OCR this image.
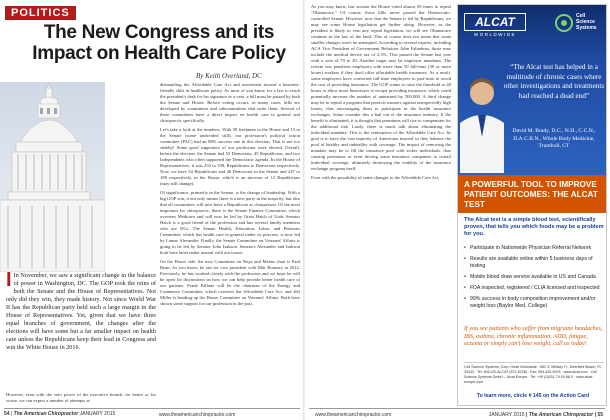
POLITICS
The New Congress and its Impact on Health Care Policy
By Keith Overland, DC

However, even with the veto power of the executive branch, for better or for worse, we can expect a number of attempts at

I In November, we saw a significant change in the balance of power in Washington, DC. The GOP took the reins of both the Senate and the House of Representatives. Not only did they win, they made history. Not since World War II has the Republican party held such a large margin in the House of Representatives. Yet, given that we have three equal branches of government, the changes after the elections will have some but a far smaller impact on health care unless the Republicans keep their lead in Congress and win the White House in 2016.

dismantling the Affordable Care Act and movement toward a business-friendly shift in healthcare policy. As most of you know, for a law to reach the president's desk for his signature or a veto, a bill must be passed by both the Senate and House. Before voting occurs, in many cases, bills are developed by committees and subcommittees that write them. Several of these committees have a direct impact on health care in general and chiropractic specifically.

Let's take a look at the numbers. With 58 freshman in the House and 13 in the Senate (some undecided still), our profession's political action committee (PAC) had an 88% success rate in this election. That is not too shabby! Some good supporters of our profession were elected. Overall, before the election, the Senate had 53 Democrats, 45 Republicans, and two Independents who often supported the Democratic agenda. In the House of Representatives, it was 233 to 199, Republicans to Democrats respectively. Now, we have 54 Republicans and 46 Democrats in the Senate and 247 to 188 respectively, in the House, which is an increase of 12 Republicans (may still change).

Of significance, primarily in the Senate, is the change of leadership. With a big GOP win, it not only means there is a new party in the majority, but also that all committees will now have a Republican as chairperson. Of the most important for chiropractic, there is the Senate Finance Committee, which oversees Medicare and will now be led by Orrin Hatch of Utah. Senator Hatch is a good friend of the profession and has several family members who are DCs. The Senate Health, Education, Labor, and Pensions Committee, which has health care in general under its purview, is now led by Lamar Alexander. Finally, the Senate Committee on Veterans' Affairs is going to be led by Senator John Isakson. Senators Alexander and Isakson both have been rather neutral with our issues.

On the House side, the new Committee on Ways and Means chair is Paul Ryan. As you know, he ran for vice president with Mitt Romney in 2012. Previously, he has worked closely with the profession and we hope he will be open for discussions on how we can help provide better health care to our patients. Frank Pallone will be the chairman of the Energy and Commerce Committee, which oversees the Affordable Care Act, and Jeff Miller is heading up the House Committee on Veterans' Affairs. Both have shown some support for our profession in the past.

54 | The American Chiropractor JANUARY 2015	www.theamericanchiropractor.com

As you may know, last session the House voted almost 50 times to repeal "Obamacare." Of course, those bills never passed the Democratic-controlled Senate. However, now that the Senate is led by Republicans, we may see some House legislation get further along. However, as the president is likely to veto any repeal legislation, we will see Obamacare continue as the law of the land. This of course does not mean that some smaller changes won't be attempted. According to several experts, including ACA Vice President of Government Relations John Falardeau, those may include the medical device tax of 2.3%. This passed the Senate last year with a vote of 79 to 20. Another target may be employer mandates. The reform law penalizes employers with more than 50 full-time (30 or more hours) workers if they don't offer affordable health insurance. As a result, some employers have converted full-time employees to part-time to avoid the cost of providing insurance. The GOP wants to raise the threshold to 40 hours to allow more businesses to escape providing insurance, which could potentially increase the number of uninsured by 500,000. A third change may be to repeal a program that protects insurers against unexpectedly high losses, thus encouraging them to participate in the health insurance exchanges. Some consider this a bail out of the insurance industry. If the benefit is eliminated, it is thought that premiums will rise to compensate for the additional risk. Lastly, there is much talk about eliminating the individual mandate. This is the centerpiece of the Affordable Care Act. Its goal is to have the vast majority of Americans insured so they balance the pool of healthy and unhealthy with coverage. The impact of removing the mandate may be to fill the insurance pool with sicker individuals, thus causing premiums or even driving some insurance companies to curtail individual coverage, ultimately destroying the viability of the insurance exchange program itself.

Even with the possibility of some changes to the Affordable Care Act,

ALCAT
WORLDWIDE
Cell Science Systems
“The Alcat test has helped in a multitude of chronic cases where other investigations and treatments had reached a dead end”
David M. Brady, D.C., N.D., C.C.N., D.A.C.B.N., Whole Body Medicine, Trumbull, CT
A POWERFUL TOOL TO IMPROVE PATIENT OUTCOMES: THE ALCAT TEST
The Alcat test is a simple blood test, scientifically proven, that tells you which foods may be a problem for you.
• Participate in Nationwide Physician Referral Network
• Results are available online within 5 business days of testing
• Mobile blood draw service available in US and Canada
• FDA inspected, registered / CLIA licensed and inspected
• 99% success in body composition improvement and/or weight loss (Baylor Med. College)
If you see patients who suffer from migraine headaches, IBS, asthma, chronic inflammation, ADD, fatigue, eczema or simply can't lose weight, call us today!
Cell Science Systems, Corp. Head Worldwide · 852 S. Military Tr., Deerfield Beach, FL 33442 · Tel: 800-US-ALCAT (872-5228) · Fax: 954-426-6976 · www.alcat.com · Cell Science Systems GmbH – Alcat Europe · Tel: +49 (0)331-74 00 88-0 · www.alcat-europe.com
To learn more, circle # 145 on the Action Card
www.theamericanchiropractor.com	JANUARY 2015 | The American Chiropractor | 55
